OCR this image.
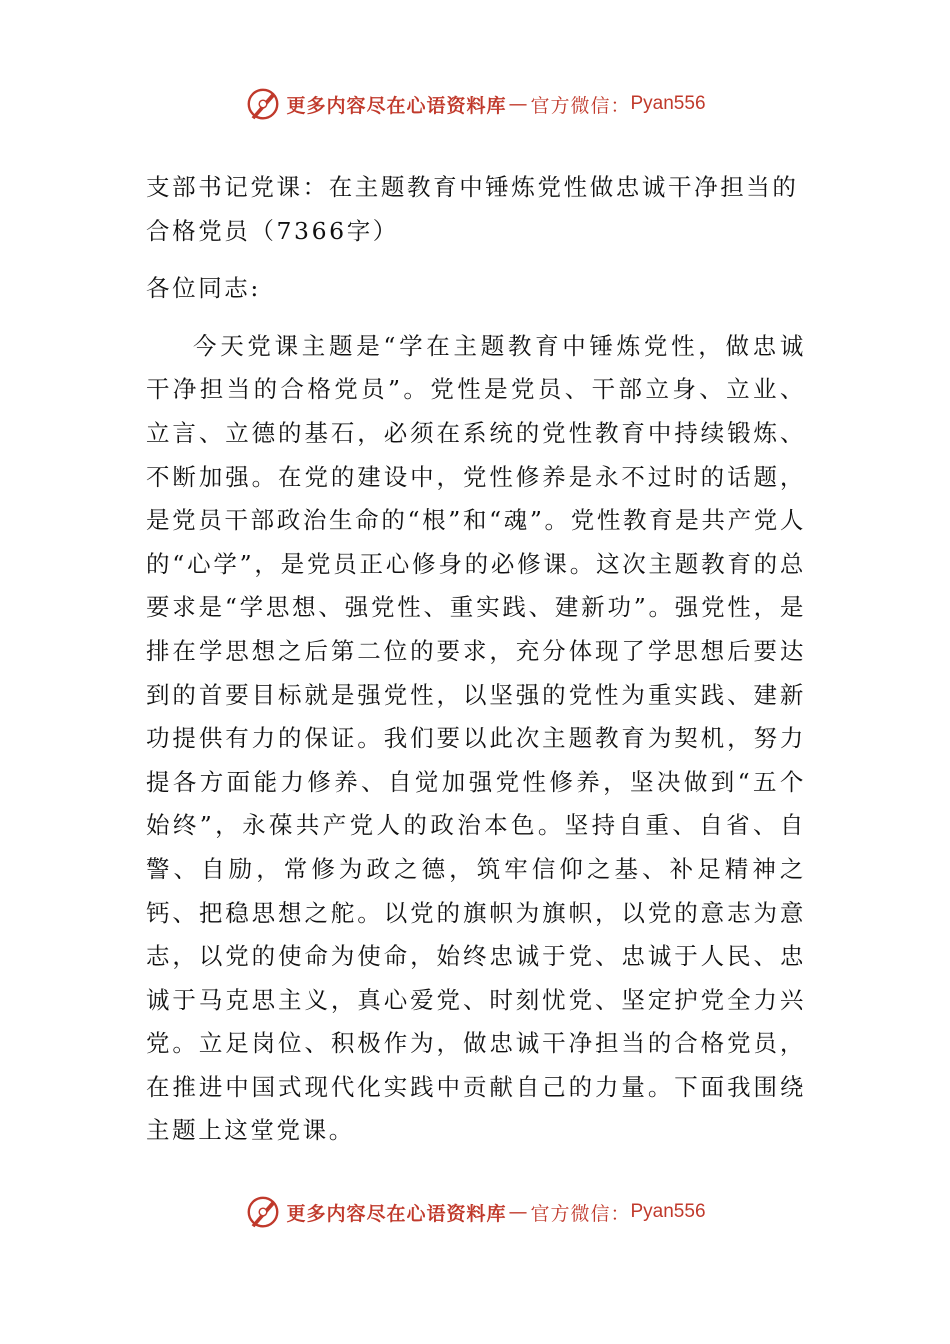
更多内容尽在心语资料库 — 官方微信： Pyan556

支部书记党课：在主题教育中锤炼党性做忠诚干净担当的合格党员（7366字）

各位同志:

今天党课主题是“学在主题教育中锤炼党性，做忠诚干净担当的合格党员”。党性是党员、干部立身、立业、立言、立德的基石，必须在系统的党性教育中持续锻炼、不断加强。在党的建设中，党性修养是永不过时的话题，是党员干部政治生命的“根”和“魂”。党性教育是共产党人的“心学”，是党员正心修身的必修课。这次主题教育的总要求是“学思想、强党性、重实践、建新功”。强党性，是排在学思想之后第二位的要求，充分体现了学思想后要达到的首要目标就是强党性，以坚强的党性为重实践、建新功提供有力的保证。我们要以此次主题教育为契机，努力提各方面能力修养、自觉加强党性修养，坚决做到“五个始终”，永葆共产党人的政治本色。坚持自重、自省、自警、自励，常修为政之德，筑牢信仰之基、补足精神之钙、把稳思想之舵。以党的旗帜为旗帜，以党的意志为意志，以党的使命为使命，始终忠诚于党、忠诚于人民、忠诚于马克思主义，真心爱党、时刻忧党、坚定护党全力兴党。立足岗位、积极作为，做忠诚干净担当的合格党员，在推进中国式现代化实践中贡献自己的力量。下面我围绕主题上这堂党课。

更多内容尽在心语资料库 — 官方微信： Pyan556
